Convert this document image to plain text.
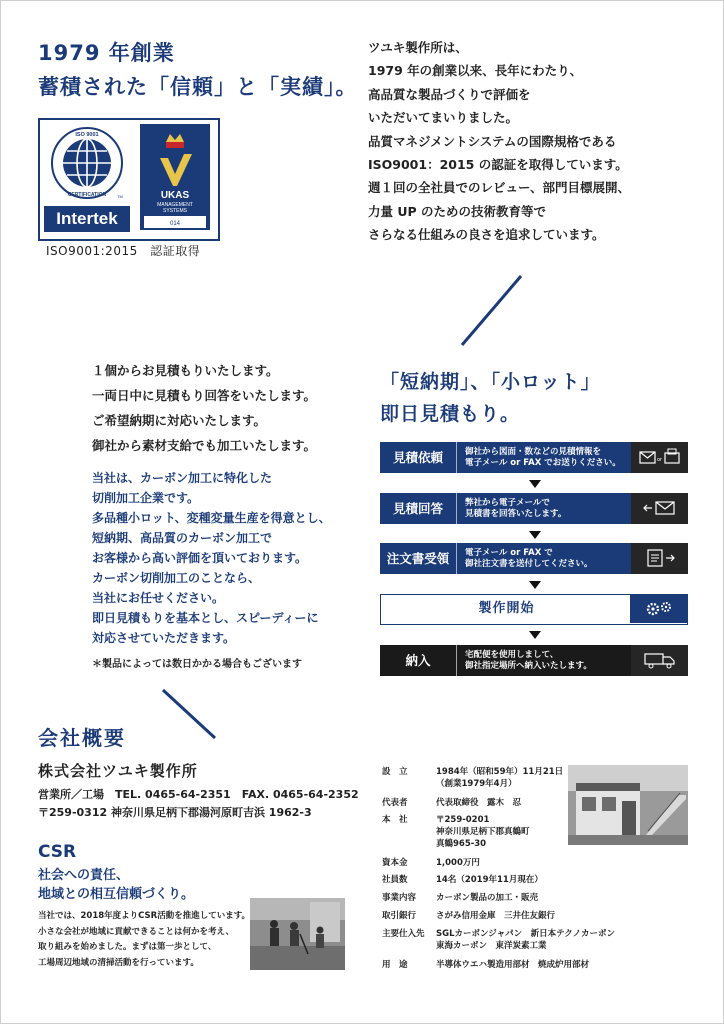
1979 年創業
蓄積された「信頼」と「実績」。
ISO 9001
CERTIFICATION	TM
Intertek
UKAS
MANAGEMENT
SYSTEMS
014
ISO9001:2015　認証取得
ツユキ製作所は、
1979 年の創業以来、長年にわたり、
高品質な製品づくりで評価を
いただいてまいりました。
品質マネジメントシステムの国際規格である
ISO9001：2015 の認証を取得しています。
週１回の全社員でのレビュー、部門目標展開、
力量 UP のための技術教育等で
さらなる仕組みの良さを追求しています。
１個からお見積もりいたします。
一両日中に見積もり回答をいたします。
ご希望納期に対応いたします。
御社から素材支給でも加工いたします。
当社は、カーボン加工に特化した
切削加工企業です。
多品種小ロット、変種変量生産を得意とし、
短納期、高品質のカーボン加工で
お客様から高い評価を頂いております。
カーボン切削加工のことなら、
当社にお任せください。
即日見積もりを基本とし、スピーディーに
対応させていただきます。
＊製品によっては数日かかる場合もございます
「短納期」、「小ロット」
即日見積もり。
見積依頼	御社から図面・数などの見積情報を
電子メール or FAX でお送りください。	or
見積回答	弊社から電子メールで
見積書を回答いたします。
注文書受領	電子メール or FAX で
御社注文書を送付してください。
製作開始
納入	宅配便を使用しまして、
御社指定場所へ納入いたします。
会社概要
株式会社ツユキ製作所
営業所／工場　TEL. 0465-64-2351　FAX. 0465-64-2352
〒259-0312 神奈川県足柄下郡湯河原町吉浜 1962-3
CSR
社会への責任、
地域との相互信頼づくり。
当社では、2018年度よりCSR活動を推進しています。
小さな会社が地域に貢献できることは何かを考え、
取り組みを始めました。まずは第一歩として、
工場周辺地域の清掃活動を行っています。
設　立	1984年（昭和59年）11月21日
（創業1979年4月）
代表者	代表取締役　露木　忍
本　社	〒259-0201
神奈川県足柄下郡真鶴町
真鶴965-30
資本金	1,000万円
社員数	14名（2019年11月現在）
事業内容	カーボン製品の加工・販売
取引銀行	さがみ信用金庫　三井住友銀行
主要仕入先	SGLカーボンジャパン　新日本テクノカーボン
東海カーボン　東洋炭素工業
用　途	半導体ウエハ製造用部材　焼成炉用部材
